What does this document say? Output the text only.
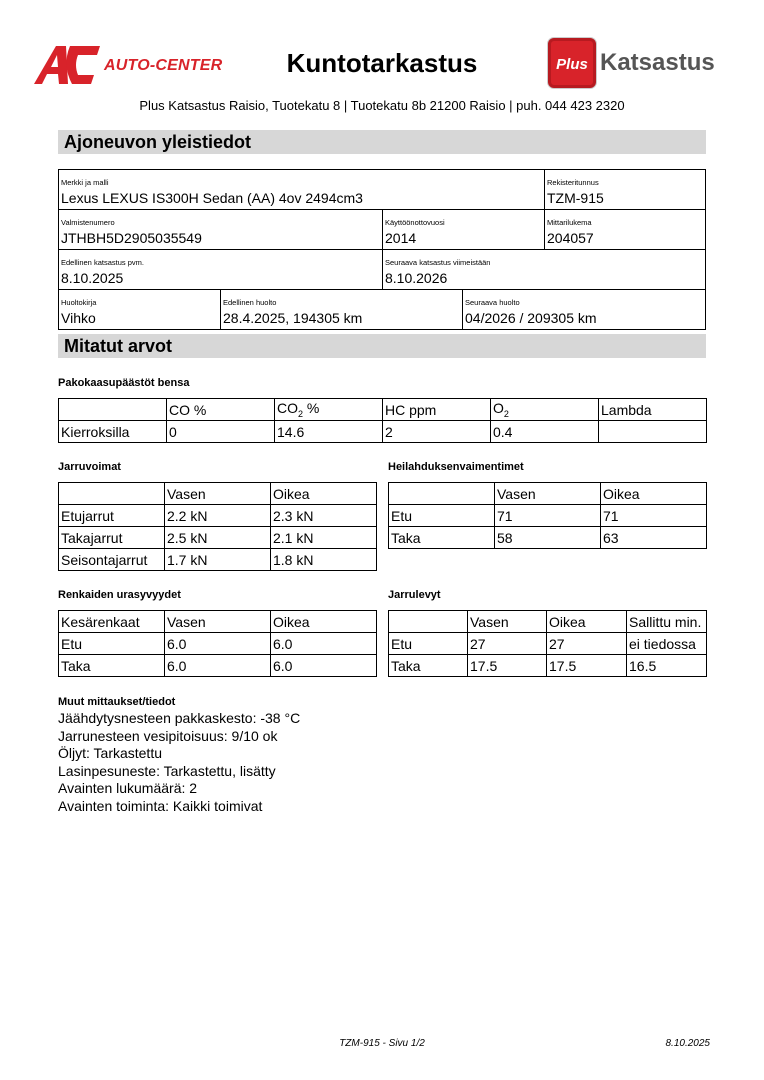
AUTO-CENTER	Kuntotarkastus	Plus Katsastus
Plus Katsastus Raisio, Tuotekatu 8 | Tuotekatu 8b 21200 Raisio | puh. 044 423 2320
Ajoneuvon yleistiedot
Merkki ja malli
Lexus LEXUS IS300H Sedan (AA) 4ov 2494cm3
Rekisteritunnus
TZM-915
Valmistenumero
JTHBH5D2905035549
Käyttöönottovuosi
2014
Mittarilukema
204057
Edellinen katsastus pvm.
8.10.2025
Seuraava katsastus viimeistään
8.10.2026
Huoltokirja
Vihko
Edellinen huolto
28.4.2025, 194305 km
Seuraava huolto
04/2026 / 209305 km
Mitatut arvot
Pakokaasupäästöt bensa
	CO %	$CO_2$ %	HC ppm	$O_2$	Lambda
Kierroksilla	0	14.6	2	0.4	
Jarruvoimat
	Vasen	Oikea
Etujarrut	2.2 kN	2.3 kN
Takajarrut	2.5 kN	2.1 kN
Seisontajarrut	1.7 kN	1.8 kN
Heilahduksenvaimentimet
	Vasen	Oikea
Etu	71	71
Taka	58	63
Renkaiden urasyvyydet
Kesärenkaat	Vasen	Oikea
Etu	6.0	6.0
Taka	6.0	6.0
Jarrulevyt
	Vasen	Oikea	Sallittu min.
Etu	27	27	ei tiedossa
Taka	17.5	17.5	16.5
Muut mittaukset/tiedot
Jäähdytysnesteen pakkaskesto: -38 °C
Jarrunesteen vesipitoisuus: 9/10 ok
Öljyt: Tarkastettu
Lasinpesuneste: Tarkastettu, lisätty
Avainten lukumäärä: 2
Avainten toiminta: Kaikki toimivat
TZM-915 - Sivu 1/2	8.10.2025
